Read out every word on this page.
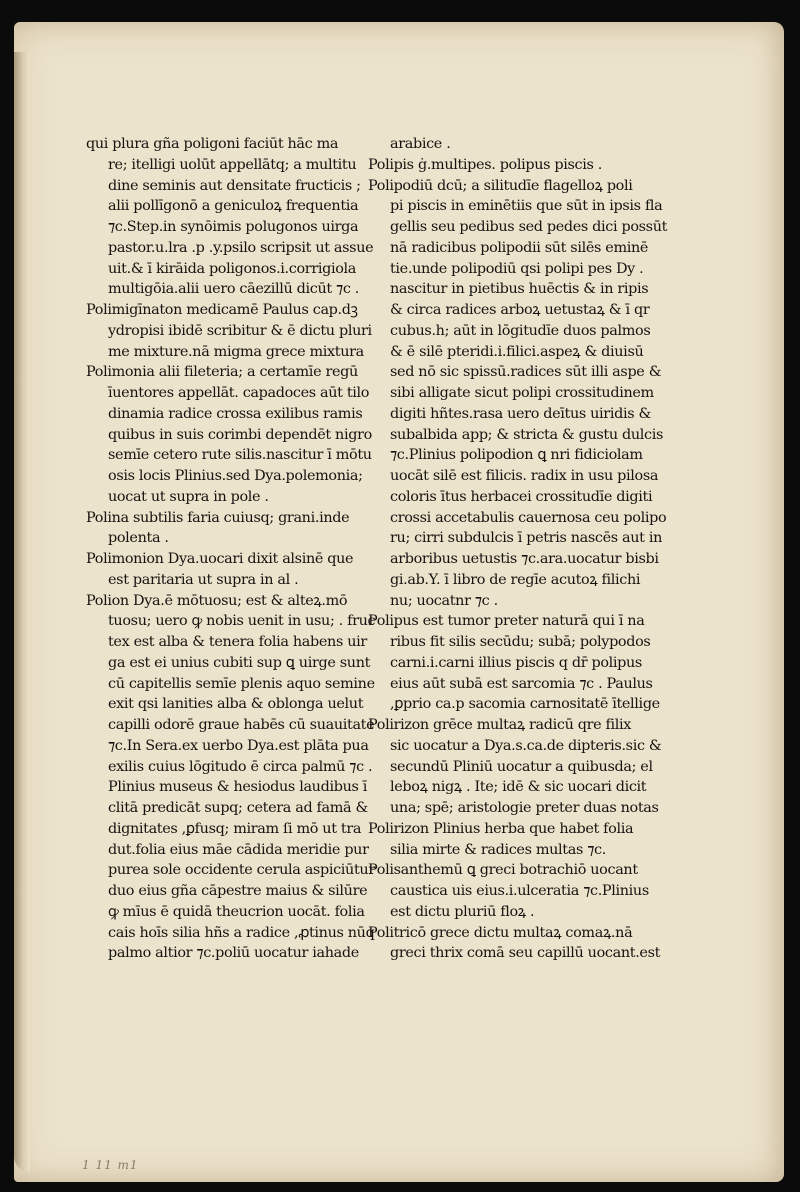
qui plura gña poligoni faciūt hāc ma
re; itelligi uolūt appellātq; a multitu
dine seminis aut densitate fructicis ;
alii pollīgonō a geniculoꝝ frequentia
⁊c.Step.in synōimis polugonos uirga
pastor.u.lra .p .y.psilo scripsit ut assue
uit.& ī kirāida poligonos.i.corrigiola
multigōia.alii uero cāezillū dicūt ⁊c .
Polimigīnaton medicamē Paulus cap.dꝫ
ydropisi ibidē scribitur & ē dictu pluri
me mixture.nā migma grece mixtura
Polimonia alii fileteria; a certamīe regū
īuentores appellāt. capadoces aūt tilo
dinamia radice crossa exilibus ramis
quibus in suis corimbi dependēt nigro
semīe cetero rute silis.nascitur ī mōtu
osis locis Plinius.sed Dya.polemonia;
uocat ut supra in pole .
Polina subtilis faria cuiusq; grani.inde
polenta .
Polimonion Dya.uocari dixit alsinē que
est paritaria ut supra in al .
Polion Dya.ē mōtuosu; est & alteꝝ.mō
tuosu; uero ꝙ nobis uenit in usu; . fruc
tex est alba & tenera folia habens uir
ga est ei unius cubiti sup ꝗ uirge sunt
cū capitellis semīe plenis aquo semine
exit qsi lanities alba & oblonga uelut
capilli odorē graue habēs cū suauitate
⁊c.In Sera.ex uerbo Dya.est plāta pua
exilis cuius lōgitudo ē circa palmū ⁊c .
Plinius museus & hesiodus laudibus ī
clitā predicāt supq; cetera ad famā &
dignitates ,ꝑfusq; miram ſi mō ut tra
dut.folia eius māe cādida meridie pur
purea sole occidente cerula aspiciūtur
duo eius gña cāpestre maius & silūre
ꝙ mīus ē quidā theucrion uocāt. folia
cais hoīs silia hñs a radice ,ꝓtinus nūq
palmo altior ⁊c.poliū uocatur iahade
arabice .
Polipis ġ.multipes. polipus piscis .
Polipodiū dcū; a silitudīe flagelloꝝ poli
pi piscis in eminētiis que sūt in ipsis fla
gellis seu pedibus sed pedes dici possūt
nā radicibus polipodii sūt silēs eminē
tie.unde polipodiū qsi polipi pes Dy .
nascitur in pietibus huēctis & in ripis
& circa radices arboꝝ uetustaꝝ & ī qr
cubus.h; aūt in lōgitudīe duos palmos
& ē silē pteridi.i.filici.aspeꝝ & diuisū
sed nō sic spissū.radices sūt illi aspe &
sibi alligate sicut polipi crossitudinem
digiti hñtes.rasa uero deītus uiridis &
subalbida app; & stricta & gustu dulcis
⁊c.Plinius polipodion ꝗ nri fidiciolam
uocāt silē est filicis. radix in usu pilosa
coloris ītus herbacei crossitudīe digiti
crossi accetabulis cauernosa ceu polipo
ru; cirri subdulcis ī petris nascēs aut in
arboribus uetustis ⁊c.ara.uocatur bisbi
gi.ab.Y. ī libro de regīe acutoꝝ filichi
nu; uocatnr ⁊c .
Polipus est tumor preter naturā qui ī na
ribus fit silis secūdu; subā; polypodos
carni.i.carni illius piscis q dr̄ polipus
eius aūt subā est sarcomia ⁊c . Paulus
,ꝑprio ca.p sacomia carnositatē ītellige
Polirizon grēce multaꝝ radicū qre filix
sic uocatur a Dya.s.ca.de dipteris.sic &
secundū Pliniū uocatur a quibusda; el
leboꝝ nigꝝ . Ite; idē & sic uocari dicit
una; spē; aristologie preter duas notas
Polirizon Plinius herba que habet folia
silia mirte & radices multas ⁊c.
Polisanthemū ꝗ greci botrachiō uocant
caustica uis eius.i.ulceratia ⁊c.Plinius
est dictu pluriū floꝝ .
Politricō grece dictu multaꝝ comaꝝ.nā
greci thrix comā seu capillū uocant.est
1 11 m1
